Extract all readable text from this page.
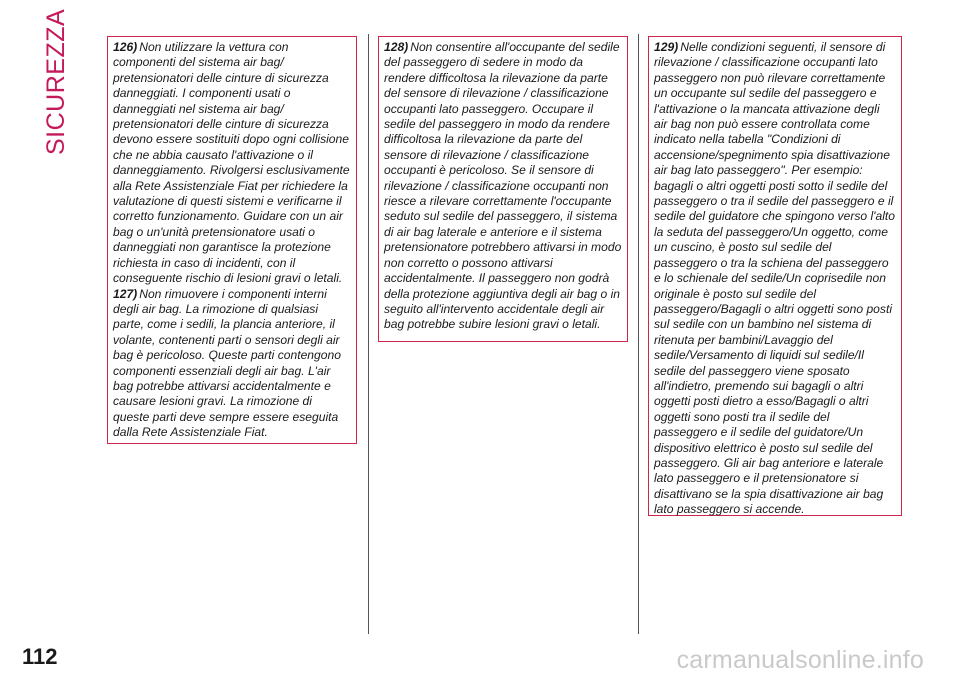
SICUREZZA	126) Non utilizzare la vettura con componenti del sistema air bag/ pretensionatori delle cinture di sicurezza danneggiati. I componenti usati o danneggiati nel sistema air bag/ pretensionatori delle cinture di sicurezza devono essere sostituiti dopo ogni collisione che ne abbia causato l'attivazione o il danneggiamento. Rivolgersi esclusivamente alla Rete Assistenziale Fiat per richiedere la valutazione di questi sistemi e verificarne il corretto funzionamento. Guidare con un air bag o un'unità pretensionatore usati o danneggiati non garantisce la protezione richiesta in caso di incidenti, con il conseguente rischio di lesioni gravi o letali.

127) Non rimuovere i componenti interni degli air bag. La rimozione di qualsiasi parte, come i sedili, la plancia anteriore, il volante, contenenti parti o sensori degli air bag è pericoloso. Queste parti contengono componenti essenziali degli air bag. L'air bag potrebbe attivarsi accidentalmente e causare lesioni gravi. La rimozione di queste parti deve sempre essere eseguita dalla Rete Assistenziale Fiat.

128) Non consentire all'occupante del sedile del passeggero di sedere in modo da rendere difficoltosa la rilevazione da parte del sensore di rilevazione / classificazione occupanti lato passeggero. Occupare il sedile del passeggero in modo da rendere difficoltosa la rilevazione da parte del sensore di rilevazione / classificazione occupanti è pericoloso. Se il sensore di rilevazione / classificazione occupanti non riesce a rilevare correttamente l'occupante seduto sul sedile del passeggero, il sistema di air bag laterale e anteriore e il sistema pretensionatore potrebbero attivarsi in modo non corretto o possono attivarsi accidentalmente. Il passeggero non godrà della protezione aggiuntiva degli air bag o in seguito all'intervento accidentale degli air bag potrebbe subire lesioni gravi o letali.

129) Nelle condizioni seguenti, il sensore di rilevazione / classificazione occupanti lato passeggero non può rilevare correttamente un occupante sul sedile del passeggero e l'attivazione o la mancata attivazione degli air bag non può essere controllata come indicato nella tabella "Condizioni di accensione/spegnimento spia disattivazione air bag lato passeggero". Per esempio: bagagli o altri oggetti posti sotto il sedile del passeggero o tra il sedile del passeggero e il sedile del guidatore che spingono verso l'alto la seduta del passeggero/Un oggetto, come un cuscino, è posto sul sedile del passeggero o tra la schiena del passeggero e lo schienale del sedile/Un coprisedile non originale è posto sul sedile del passeggero/Bagagli o altri oggetti sono posti sul sedile con un bambino nel sistema di ritenuta per bambini/Lavaggio del sedile/Versamento di liquidi sul sedile/Il sedile del passeggero viene sposato all'indietro, premendo sui bagagli o altri oggetti posti dietro a esso/Bagagli o altri oggetti sono posti tra il sedile del passeggero e il sedile del guidatore/Un dispositivo elettrico è posto sul sedile del passeggero. Gli air bag anteriore e laterale lato passeggero e il pretensionatore si disattivano se la spia disattivazione air bag lato passeggero si accende.

112	carmanualsonline.info
